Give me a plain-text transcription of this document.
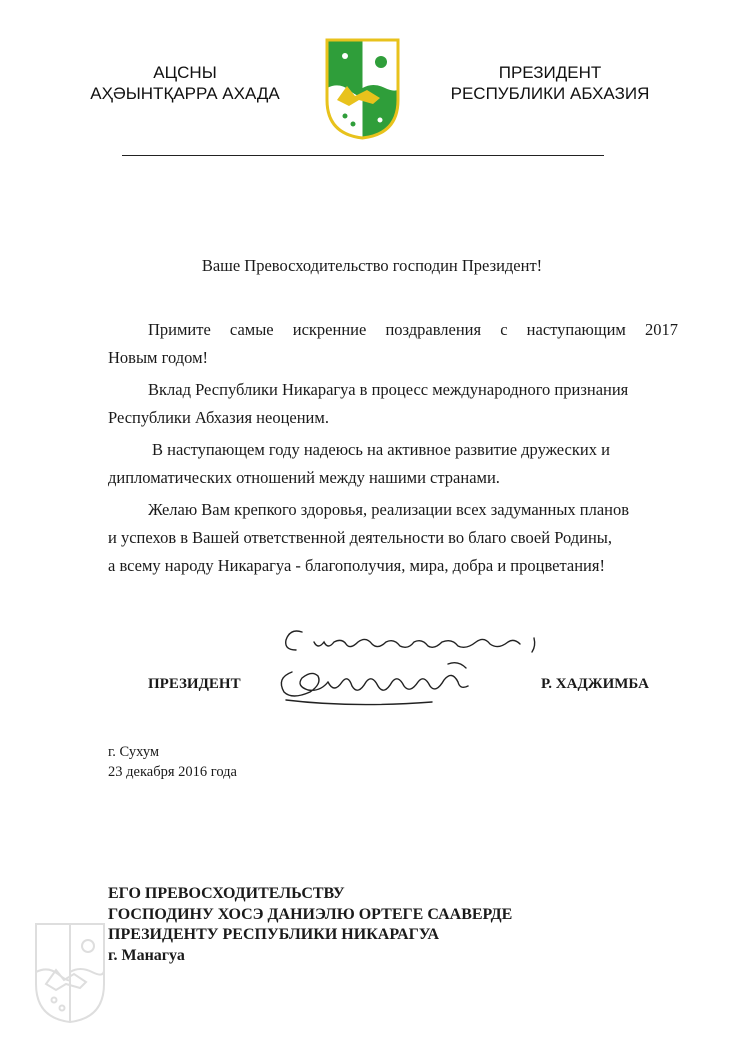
АЦСНЫ
АҲӘЫНТҚАРРА АХАДА
ПРЕЗИДЕНТ
РЕСПУБЛИКИ АБХАЗИЯ
Ваше Превосходительство господин Президент!
Примите самые искренние поздравления с наступающим 2017
Новым годом!
Вклад Республики Никарагуа в процесс международного признания
Республики Абхазия неоценим.
В наступающем году надеюсь на активное развитие дружеских и
дипломатических отношений между нашими странами.
Желаю Вам крепкого здоровья, реализации всех задуманных планов
и успехов в Вашей ответственной деятельности во благо своей Родины,
а всему народу Никарагуа - благополучия, мира, добра и процветания!
ПРЕЗИДЕНТ	Р. ХАДЖИМБА
г. Сухум
23 декабря 2016 года
ЕГО ПРЕВОСХОДИТЕЛЬСТВУ
ГОСПОДИНУ ХОСЭ ДАНИЭЛЮ ОРТЕГЕ СААВЕРДЕ
ПРЕЗИДЕНТУ РЕСПУБЛИКИ НИКАРАГУА
г. Манагуа
